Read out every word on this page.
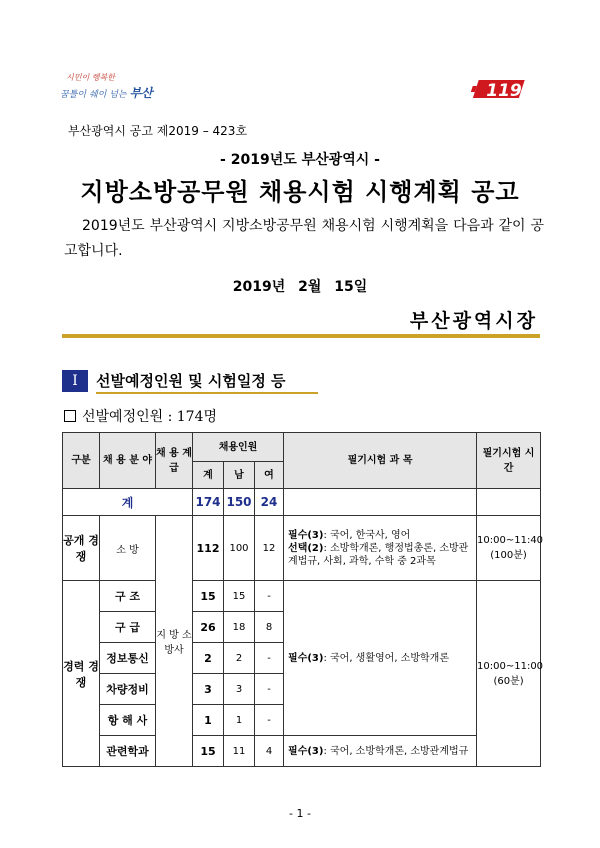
시민이 행복한
꿈틀이 쉐이 넘는 부산	119
부산광역시 공고 제2019 – 423호
- 2019년도 부산광역시 -
지방소방공무원 채용시험 시행계획 공고
2019년도 부산광역시 지방소방공무원 채용시험 시행계획을 다음과 같이 공고합니다.
2019년 2월 15일
부산광역시장
Ⅰ	선발예정인원 및 시험일정 등
선발예정인원 : 174명
구분	채 용 분 야	채 용 계 급	채용인원			필기시험 과 목	필기시험 시 간
			계	남	여		
계			174	150	24		
공개 경쟁	소 방	지 방 소방사	112	100	12	필수(3): 국어, 한국사, 영어
선택(2): 소방학개론, 행정법총론, 소방관계법규, 사회, 과학, 수학 중 2과목	10:00~11:40
(100분)
경력 경쟁	구 조		15	15	-	필수(3): 국어, 생활영어, 소방학개론	10:00~11:00
(60분)
	구 급		26	18	8		
	정보통신		2	2	-		
	차량정비		3	3	-		
	항 해 사		1	1	-		
	관련학과		15	11	4	필수(3): 국어, 소방학개론, 소방관계법규	
- 1 -
